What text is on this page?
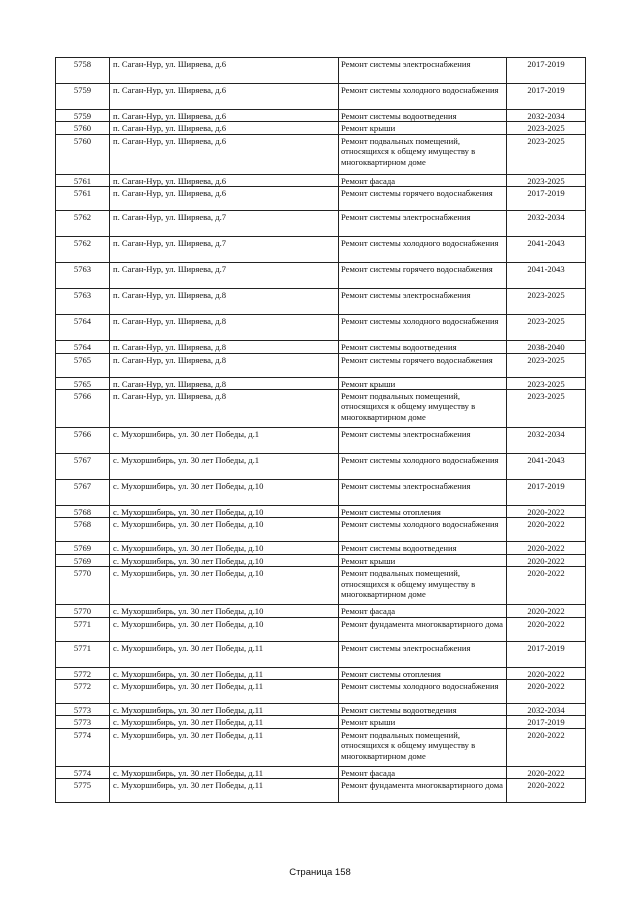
5758	п. Саган-Нур, ул. Ширяева, д.6	Ремонт системы электроснабжения	2017-2019
5759	п. Саган-Нур, ул. Ширяева, д.6	Ремонт системы холодного водоснабжения	2017-2019
5759	п. Саган-Нур, ул. Ширяева, д.6	Ремонт системы водоотведения	2032-2034
5760	п. Саган-Нур, ул. Ширяева, д.6	Ремонт крыши	2023-2025
5760	п. Саган-Нур, ул. Ширяева, д.6	Ремонт подвальных помещений, относящихся к общему имуществу в многоквартирном доме	2023-2025
5761	п. Саган-Нур, ул. Ширяева, д.6	Ремонт фасада	2023-2025
5761	п. Саган-Нур, ул. Ширяева, д.6	Ремонт системы горячего водоснабжения	2017-2019
5762	п. Саган-Нур, ул. Ширяева, д.7	Ремонт системы электроснабжения	2032-2034
5762	п. Саган-Нур, ул. Ширяева, д.7	Ремонт системы холодного водоснабжения	2041-2043
5763	п. Саган-Нур, ул. Ширяева, д.7	Ремонт системы горячего водоснабжения	2041-2043
5763	п. Саган-Нур, ул. Ширяева, д.8	Ремонт системы электроснабжения	2023-2025
5764	п. Саган-Нур, ул. Ширяева, д.8	Ремонт системы холодного водоснабжения	2023-2025
5764	п. Саган-Нур, ул. Ширяева, д.8	Ремонт системы водоотведения	2038-2040
5765	п. Саган-Нур, ул. Ширяева, д.8	Ремонт системы горячего водоснабжения	2023-2025
5765	п. Саган-Нур, ул. Ширяева, д.8	Ремонт крыши	2023-2025
5766	п. Саган-Нур, ул. Ширяева, д.8	Ремонт подвальных помещений, относящихся к общему имуществу в многоквартирном доме	2023-2025
5766	с. Мухоршибирь, ул. 30 лет Победы, д.1	Ремонт системы электроснабжения	2032-2034
5767	с. Мухоршибирь, ул. 30 лет Победы, д.1	Ремонт системы холодного водоснабжения	2041-2043
5767	с. Мухоршибирь, ул. 30 лет Победы, д.10	Ремонт системы электроснабжения	2017-2019
5768	с. Мухоршибирь, ул. 30 лет Победы, д.10	Ремонт системы отопления	2020-2022
5768	с. Мухоршибирь, ул. 30 лет Победы, д.10	Ремонт системы холодного водоснабжения	2020-2022
5769	с. Мухоршибирь, ул. 30 лет Победы, д.10	Ремонт системы водоотведения	2020-2022
5769	с. Мухоршибирь, ул. 30 лет Победы, д.10	Ремонт крыши	2020-2022
5770	с. Мухоршибирь, ул. 30 лет Победы, д.10	Ремонт подвальных помещений, относящихся к общему имуществу в многоквартирном доме	2020-2022
5770	с. Мухоршибирь, ул. 30 лет Победы, д.10	Ремонт фасада	2020-2022
5771	с. Мухоршибирь, ул. 30 лет Победы, д.10	Ремонт фундамента многоквартирного дома	2020-2022
5771	с. Мухоршибирь, ул. 30 лет Победы, д.11	Ремонт системы электроснабжения	2017-2019
5772	с. Мухоршибирь, ул. 30 лет Победы, д.11	Ремонт системы отопления	2020-2022
5772	с. Мухоршибирь, ул. 30 лет Победы, д.11	Ремонт системы холодного водоснабжения	2020-2022
5773	с. Мухоршибирь, ул. 30 лет Победы, д.11	Ремонт системы водоотведения	2032-2034
5773	с. Мухоршибирь, ул. 30 лет Победы, д.11	Ремонт крыши	2017-2019
5774	с. Мухоршибирь, ул. 30 лет Победы, д.11	Ремонт подвальных помещений, относящихся к общему имуществу в многоквартирном доме	2020-2022
5774	с. Мухоршибирь, ул. 30 лет Победы, д.11	Ремонт фасада	2020-2022
5775	с. Мухоршибирь, ул. 30 лет Победы, д.11	Ремонт фундамента многоквартирного дома	2020-2022
Страница 158
